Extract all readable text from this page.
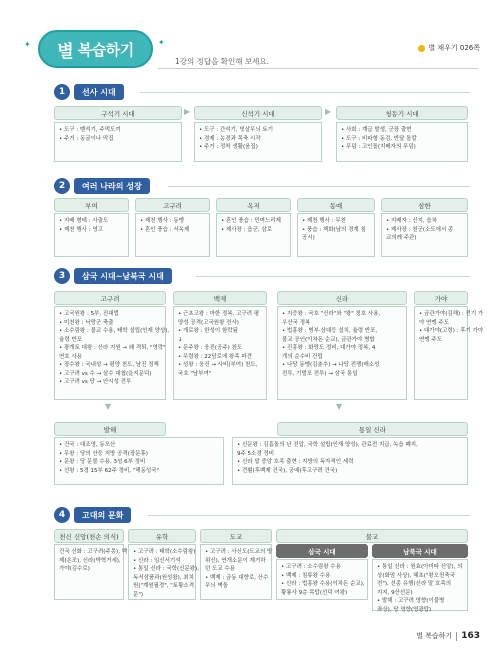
✦ 별 복습하기	✦
별 채우기 026쪽
1강의 정답을 확인해 보세요.
1	선사 시대
구석기 시대	신석기 시대	청동기 시대
▶	▶
• 도구 : 뗀석기, 주먹도끼
• 주거 : 동굴이나 막집
• 도구 : 간석기, 빗살무늬 토기
• 경제 : 농경과 목축 시작
• 주거 : 정착 생활(움집)
• 사회 : 계급 발생, 군장 출현
• 도구 : 비파형 동검, 반달 돌칼
• 무덤 : 고인돌(지배자의 무덤)
2	여러 나라의 성장
부여	고구려	옥저	동예	삼한
• 지배 형태 : 사출도
• 제천 행사 : 영고
• 제천 행사 : 동맹
• 혼인 풍습 : 서옥제
• 혼인 풍습 : 민며느리제
• 제사장 : 읍군, 삼로
• 제천 행사 : 무천
• 풍습 : 책화(남의 경계 침
공시)
• 지배자 : 신지, 읍차
• 제사장 : 천군(소도에서 종
교의례 주관)
3	삼국 시대~남북국 시대
고구려	백제	신라	가야
• 고국원왕 : 5부, 진대법
• 미천왕 : 낙랑군 축출
• 소수림왕 : 불교 수용, 태학 설립(인재 양성),
율령 반포
• 광개토 대왕 : 신라 지원 → 왜 격퇴, "영락"
연호 사용
• 장수왕 : 국내성 → 평양 천도, 남진 정책
• 고구려 vs 수 → 살수 대첩(을지문덕)
• 고구려 vs 당 → 안시성 전투
• 근초고왕 : 마한 정복, 고구려 평
양성 공격(고국원왕 전사)
• 개로왕 : 한성이 함락됨
↓
• 문주왕 : 웅진(공주) 천도
• 무령왕 : 22담로에 왕족 파견
• 성왕 : 웅진 → 사비(부여) 천도,
국호 "남부여"
• 지증왕 : 국호 "신라"와 "왕" 칭호 사용,
우산국 정복
• 법흥왕 : 병부·상대등 설치, 율령 반포,
불교 공인(이차돈 순교), 금관가야 병합
• 진흥왕 : 화랑도 정비, 대가야 정복, 4
개의 순수비 건립
• 나당 동맹(김춘추) → 나당 전쟁(매소성
전투, 기벌포 전투) → 삼국 통일
• 금관가야(김해) : 전기 가
야 연맹 주도
• 대가야(고령) : 후기 가야
연맹 주도
▼	▼
발해	통일 신라
• 건국 : 대조영, 동모산
• 무왕 : 당의 산둥 지방 공격(장문휴)
• 문왕 : 당 문물 수용, 3성 6부 정비
• 선왕 : 5경 15부 62주 정비, "해동성국"
• 신문왕 : 김흠돌의 난 진압, 국학 설립(인재 양성), 관료전 지급, 녹읍 폐지,
9주 5소경 정비
• 신라 말 중앙 호족 출현 : 지방의 독자적인 세력
• 견훤(후백제 건국), 궁예(후고구려 건국)
4	고대의 문화
천신 신앙(천손 의식)	유학	도교	불교
삼국 시대	남북국 시대
건국 신화 : 고구려(주몽), 백
제(온조), 신라(박혁거세),
가야(김수로)
• 고구려 : 태학(소수림왕)
• 신라 : 임신서기석
• 통일 신라 : 국학(신문왕),
독서삼품과(원성왕), 최치
원("계원필경", "토황소격
문")
• 고구려 : 사신도(도교의 방
위신), 연개소문이 제거하
던 도교 수용
• 백제 : 금동 대향로, 산수
무늬 벽돌
• 고구려 : 소수림왕 수용
• 백제 : 침류왕 수용
• 신라 : 법흥왕 수용(이차돈 순교),
황룡사 9층 목탑(선덕 여왕)
• 통일 신라 : 원효(아미타 신앙), 의
상(화엄 사상), 혜초("왕오천축국
전"), 선종 유행(신라 말 호족의
지지, 9산선문)
• 발해 : 고구려 영향(이불병
좌상), 당 영향(영광탑)
별 복습하기 163
